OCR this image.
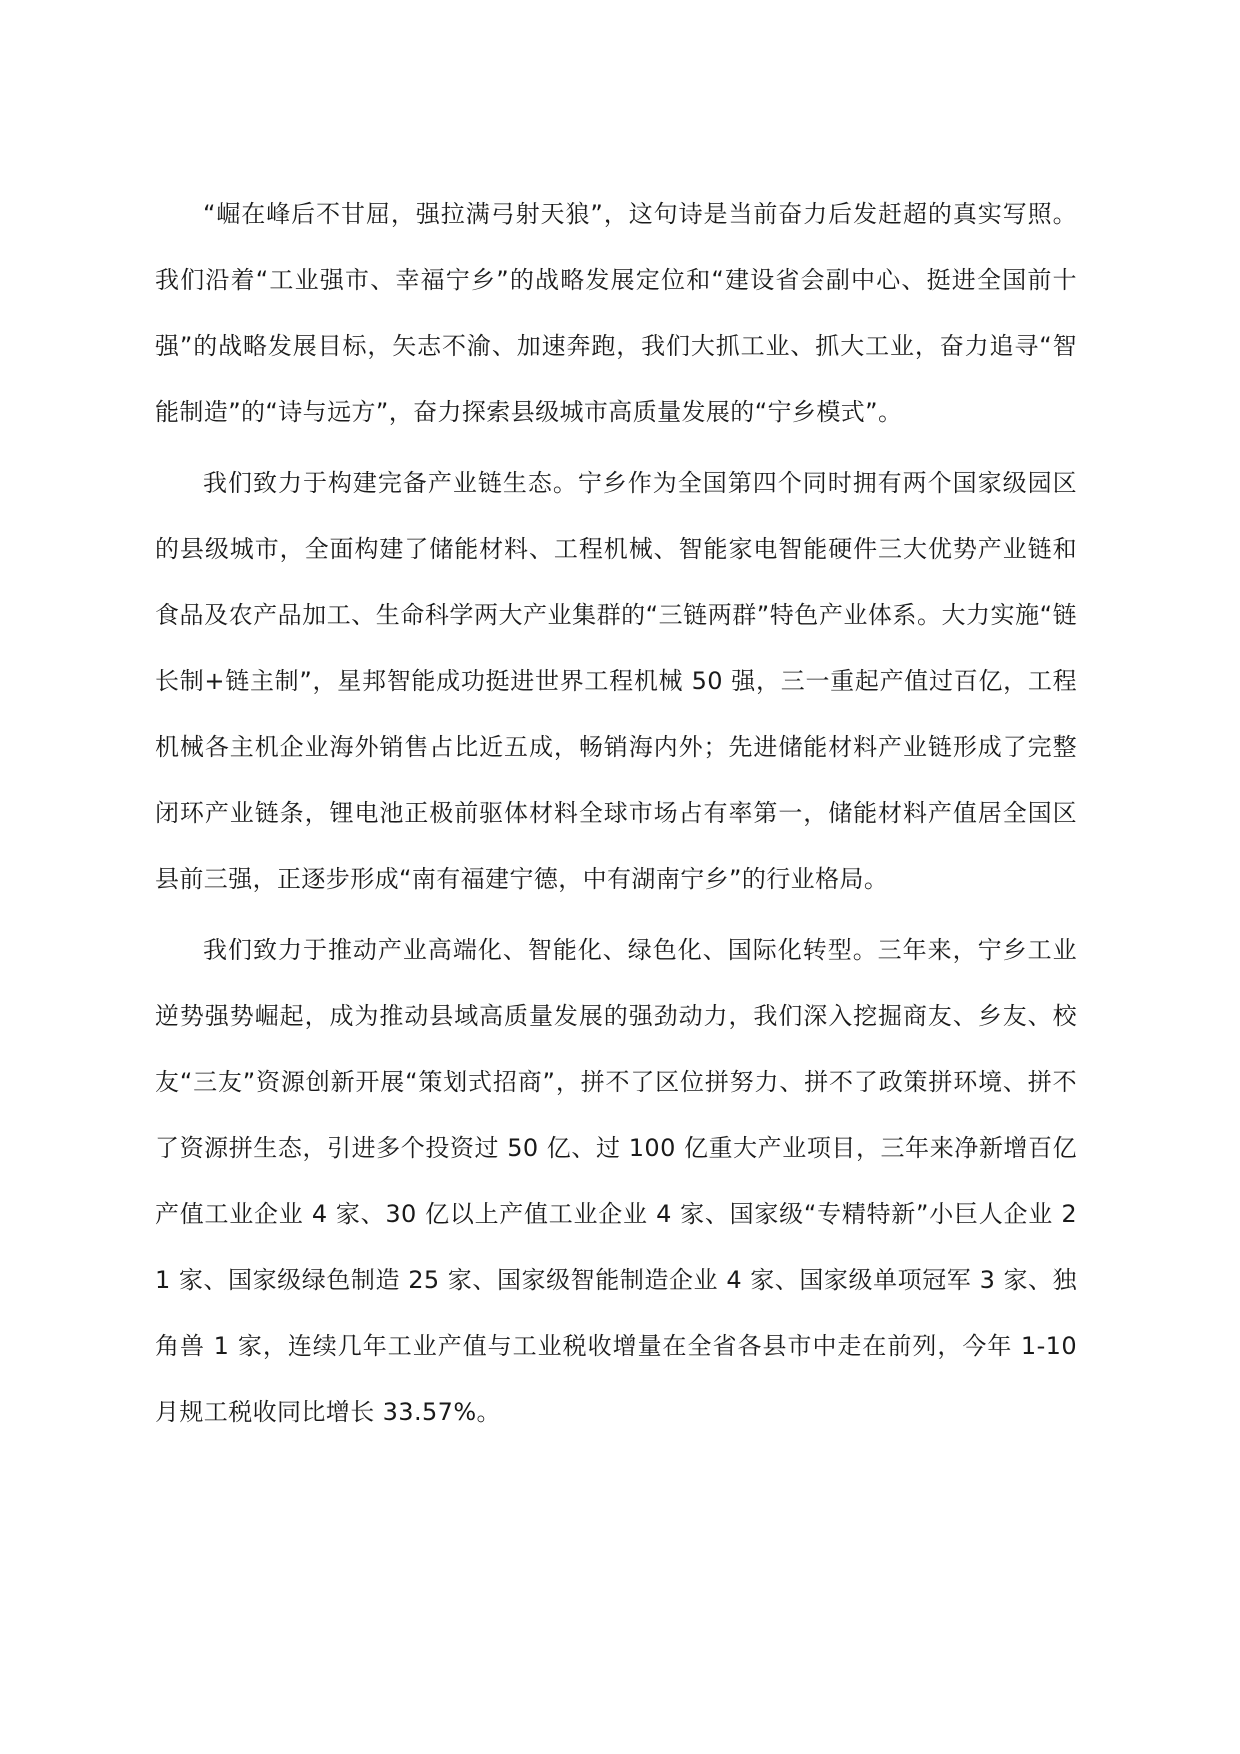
“崛在峰后不甘屈，强拉满弓射天狼”，这句诗是当前奋力后发赶超的真实写照。我们沿着“工业强市、幸福宁乡”的战略发展定位和“建设省会副中心、挺进全国前十强”的战略发展目标，矢志不渝、加速奔跑，我们大抓工业、抓大工业，奋力追寻“智能制造”的“诗与远方”，奋力探索县级城市高质量发展的“宁乡模式”。

我们致力于构建完备产业链生态。宁乡作为全国第四个同时拥有两个国家级园区的县级城市，全面构建了储能材料、工程机械、智能家电智能硬件三大优势产业链和食品及农产品加工、生命科学两大产业集群的“三链两群”特色产业体系。大力实施“链长制+链主制”，星邦智能成功挺进世界工程机械 50 强，三一重起产值过百亿，工程机械各主机企业海外销售占比近五成，畅销海内外；先进储能材料产业链形成了完整闭环产业链条，锂电池正极前驱体材料全球市场占有率第一，储能材料产值居全国区县前三强，正逐步形成“南有福建宁德，中有湖南宁乡”的行业格局。

我们致力于推动产业高端化、智能化、绿色化、国际化转型。三年来，宁乡工业逆势强势崛起，成为推动县域高质量发展的强劲动力，我们深入挖掘商友、乡友、校友“三友”资源创新开展“策划式招商”，拼不了区位拼努力、拼不了政策拼环境、拼不了资源拼生态，引进多个投资过 50 亿、过 100 亿重大产业项目，三年来净新增百亿产值工业企业 4 家、30 亿以上产值工业企业 4 家、国家级“专精特新”小巨人企业 21 家、国家级绿色制造 25 家、国家级智能制造企业 4 家、国家级单项冠军 3 家、独角兽 1 家，连续几年工业产值与工业税收增量在全省各县市中走在前列，今年 1-10 月规工税收同比增长 33.57%。
